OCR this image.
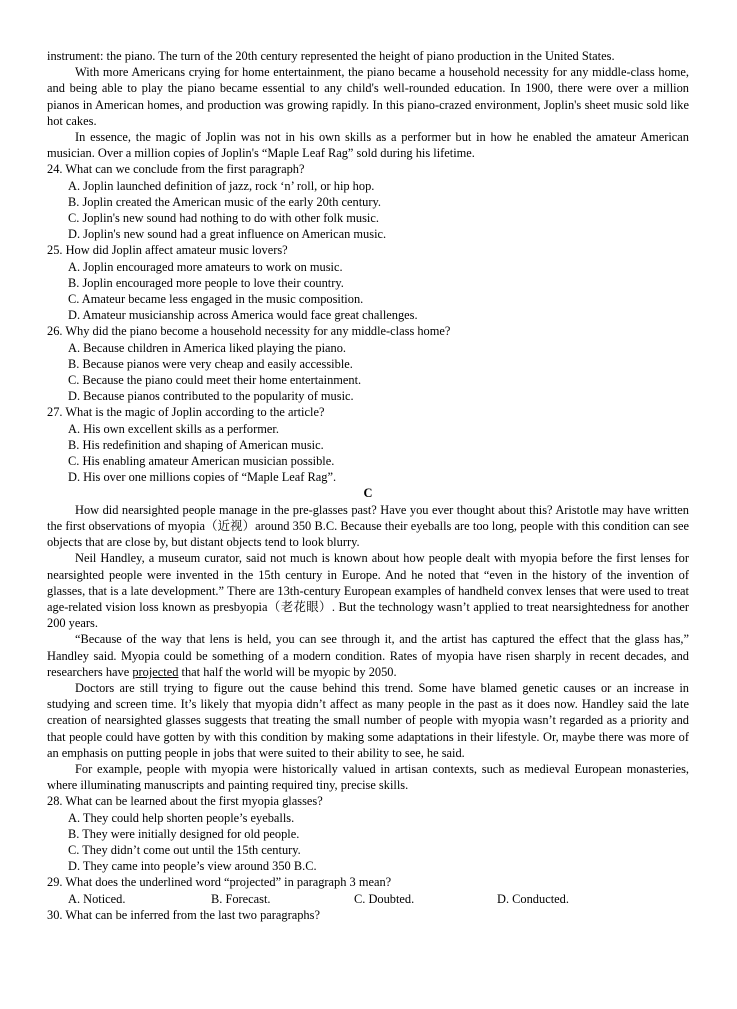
instrument: the piano. The turn of the 20th century represented the height of piano production in the United States.

With more Americans crying for home entertainment, the piano became a household necessity for any middle-class home, and being able to play the piano became essential to any child's well-rounded education. In 1900, there were over a million pianos in American homes, and production was growing rapidly. In this piano-crazed environment, Joplin's sheet music sold like hot cakes.

In essence, the magic of Joplin was not in his own skills as a performer but in how he enabled the amateur American musician. Over a million copies of Joplin's “Maple Leaf Rag” sold during his lifetime.

24. What can we conclude from the first paragraph?

A. Joplin launched definition of jazz, rock ‘n’ roll, or hip hop.

B. Joplin created the American music of the early 20th century.

C. Joplin's new sound had nothing to do with other folk music.

D. Joplin's new sound had a great influence on American music.

25. How did Joplin affect amateur music lovers?

A. Joplin encouraged more amateurs to work on music.

B. Joplin encouraged more people to love their country.

C. Amateur became less engaged in the music composition.

D. Amateur musicianship across America would face great challenges.

26. Why did the piano become a household necessity for any middle-class home?

A. Because children in America liked playing the piano.

B. Because pianos were very cheap and easily accessible.

C. Because the piano could meet their home entertainment.

D. Because pianos contributed to the popularity of music.

27. What is the magic of Joplin according to the article?

A. His own excellent skills as a performer.

B. His redefinition and shaping of American music.

C. His enabling amateur American musician possible.

D. His over one millions copies of “Maple Leaf Rag”.

C

How did nearsighted people manage in the pre-glasses past? Have you ever thought about this? Aristotle may have written the first observations of myopia（近视）around 350 B.C. Because their eyeballs are too long, people with this condition can see objects that are close by, but distant objects tend to look blurry.

Neil Handley, a museum curator, said not much is known about how people dealt with myopia before the first lenses for nearsighted people were invented in the 15th century in Europe. And he noted that “even in the history of the invention of glasses, that is a late development.” There are 13th-century European examples of handheld convex lenses that were used to treat age-related vision loss known as presbyopia（老花眼）. But the technology wasn’t applied to treat nearsightedness for another 200 years.

“Because of the way that lens is held, you can see through it, and the artist has captured the effect that the glass has,” Handley said. Myopia could be something of a modern condition. Rates of myopia have risen sharply in recent decades, and researchers have projected that half the world will be myopic by 2050.

Doctors are still trying to figure out the cause behind this trend. Some have blamed genetic causes or an increase in studying and screen time. It’s likely that myopia didn’t affect as many people in the past as it does now. Handley said the late creation of nearsighted glasses suggests that treating the small number of people with myopia wasn’t regarded as a priority and that people could have gotten by with this condition by making some adaptations in their lifestyle. Or, maybe there was more of an emphasis on putting people in jobs that were suited to their ability to see, he said.

For example, people with myopia were historically valued in artisan contexts, such as medieval European monasteries, where illuminating manuscripts and painting required tiny, precise skills.

28. What can be learned about the first myopia glasses?

A. They could help shorten people’s eyeballs.

B. They were initially designed for old people.

C. They didn’t come out until the 15th century.

D. They came into people’s view around 350 B.C.

29. What does the underlined word “projected” in paragraph 3 mean?

A. Noticed.	B. Forecast.	C. Doubted.	D. Conducted.

30. What can be inferred from the last two paragraphs?
